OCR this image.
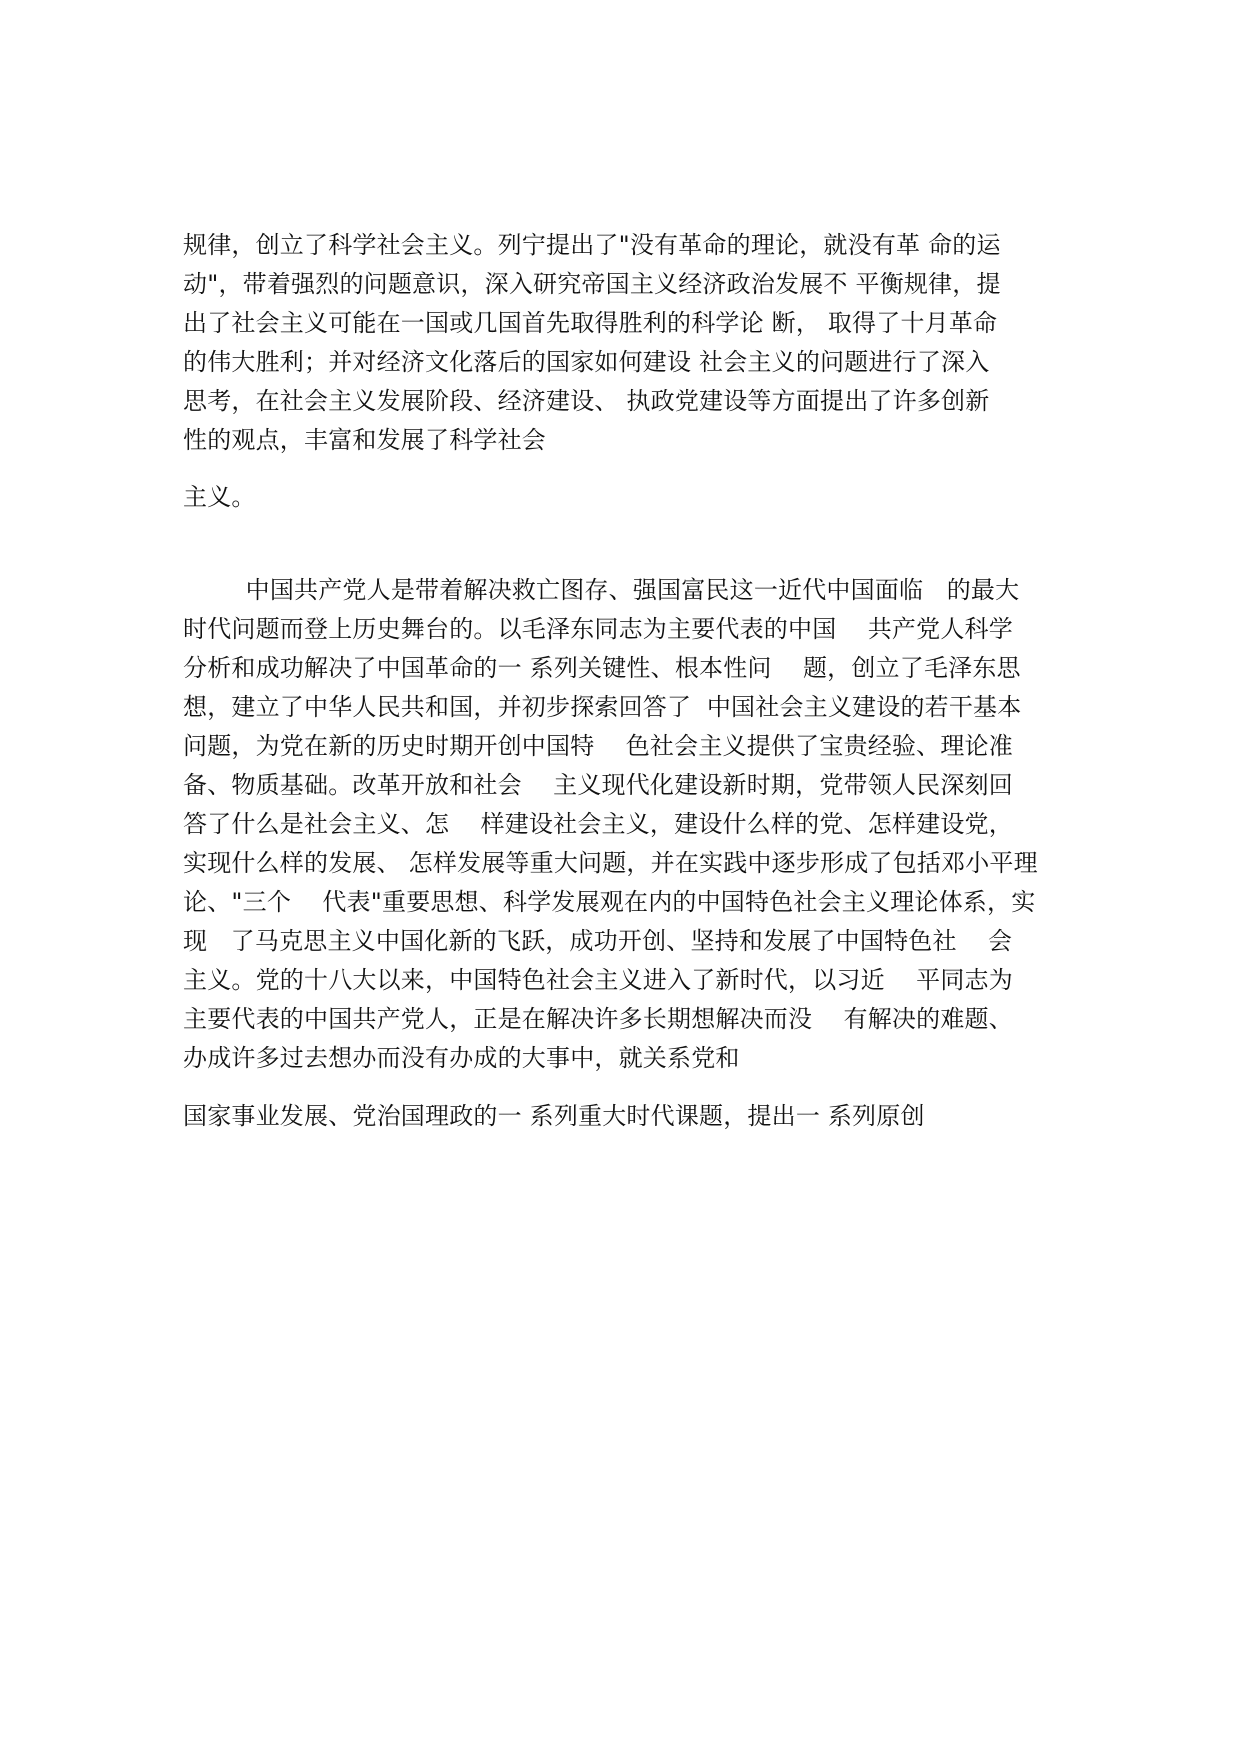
规律，创立了科学社会主义。列宁提出了"没有革命的理论，就没有革 命的运
动"，带着强烈的问题意识，深入研究帝国主义经济政治发展不 平衡规律，提
出了社会主义可能在一国或几国首先取得胜利的科学论 断， 取得了十月革命
的伟大胜利；并对经济文化落后的国家如何建设 社会主义的问题进行了深入
思考，在社会主义发展阶段、经济建设、 执政党建设等方面提出了许多创新
性的观点，丰富和发展了科学社会
主义。
中国共产党人是带着解决救亡图存、强国富民这一近代中国面临   的最大
时代问题而登上历史舞台的。以毛泽东同志为主要代表的中国    共产党人科学
分析和成功解决了中国革命的一 系列关键性、根本性问    题，创立了毛泽东思
想，建立了中华人民共和国，并初步探索回答了  中国社会主义建设的若干基本
问题，为党在新的历史时期开创中国特    色社会主义提供了宝贵经验、理论准
备、物质基础。改革开放和社会    主义现代化建设新时期，党带领人民深刻回
答了什么是社会主义、怎    样建设社会主义，建设什么样的党、怎样建设党，
实现什么样的发展、 怎样发展等重大问题，并在实践中逐步形成了包括邓小平理
论、"三个    代表"重要思想、科学发展观在内的中国特色社会主义理论体系，实
现   了马克思主义中国化新的飞跃，成功开创、坚持和发展了中国特色社    会
主义。党的十八大以来，中国特色社会主义进入了新时代，以习近    平同志为
主要代表的中国共产党人，正是在解决许多长期想解决而没    有解决的难题、
办成许多过去想办而没有办成的大事中，就关系党和
国家事业发展、党治国理政的一 系列重大时代课题，提出一 系列原创
